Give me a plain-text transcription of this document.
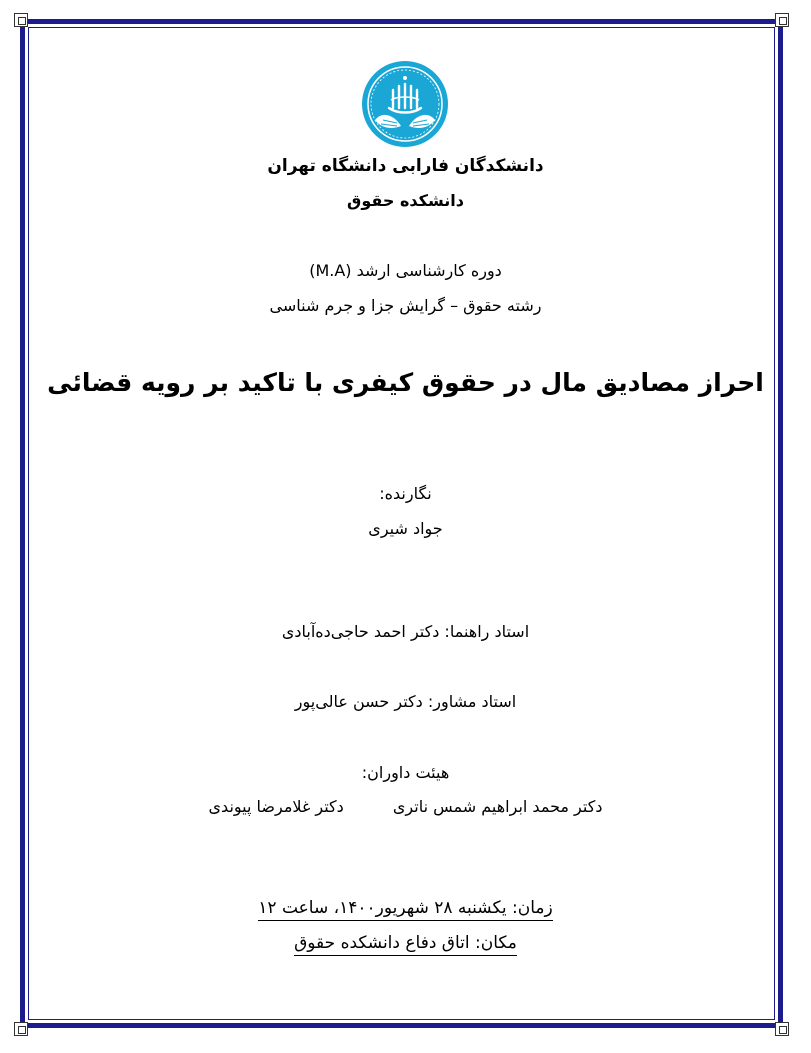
دانشکدگان فارابی دانشگاه تهران
دانشکده حقوق
دوره کارشناسی ارشد (M.A)
رشته حقوق – گرایش جزا و جرم شناسی
احراز مصادیق مال در حقوق کیفری با تاکید بر رویه قضائی
نگارنده:
جواد شیری
استاد راهنما: دکتر احمد حاجی‌ده‌آبادی
استاد مشاور: دکتر حسن عالی‌پور
هیئت داوران:
دکتر محمد ابراهیم شمس ناتری دکتر غلامرضا پیوندی
زمان: یکشنبه ۲۸ شهریور۱۴۰۰، ساعت ۱۲
مکان: اتاق دفاع دانشکده حقوق
